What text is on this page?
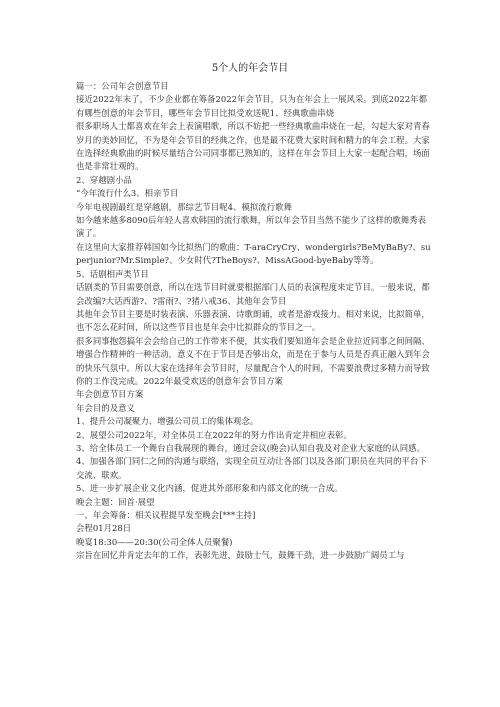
5个人的年会节目

篇一：公司年会创意节目

接近2022年末了，不少企业都在筹备2022年会节目，只为在年会上一展风采。到底2022年都有哪些创意的年会节目，哪些年会节目比拟受欢送呢1、经典歌曲串烧

很多职场人士都喜欢在年会上表演唱歌，所以不妨把一些经典歌曲串烧在一起，勾起大家对青春岁月的美妙回忆，不为是年会节目的经典之作，也是最不花费大家时间和精力的年会工程。大家在选择经典歌曲的时候尽量结合公司同事都已熟知的，这样在年会节目上大家一起配合唱，场面也是非常壮观的。

2、穿越剧小品

“今年流行什么3、相亲节目

今年电视剧最红是穿越剧，那综艺节目呢4、模拟流行歌舞

如今越来越多8090后年轻人喜欢韩国的流行歌舞，所以年会节目当然不能少了这样的歌舞秀表演了。

在这里向大家推荐韩国如今比拟热门的歌曲：T-araCryCry、wondergirls?BeMyBaBy?、superjunior?Mr.Simple?、少女时代?TheBoys?、MissAGood-byeBaby等等。

5、话剧相声类节目

话剧类的节目需要创意，所以在选节目时就要根据部门人员的表演程度来定节目。一般来说，都会改编?大话西游?、?雷雨?、?猪八戒36、其他年会节目

其他年会节目主要是时装表演、乐器表演、诗歌朗诵，或者是游戏接力。相对来说，比拟简单，也不怎么花时间，所以这些节目也是年会中比拟群众的节目之一。

很多同事抱怨搞年会会给自己的工作带来不便，其实我们要知道年会是企业拉近同事之间间隔、增强合作精神的一种活动，意义不在于节目是否够出众，而是在于参与人员是否真正融入到年会的快乐气氛中。所以大家在选择年会节目时，尽量配合个人的时间，不需要浪费过多精力而导致你的工作没完成。2022年最受欢送的创意年会节目方案

年会创意节目方案

年会目的及意义

1、提升公司凝聚力、增强公司员工的集体观念。

2、展望公司2022年，对全体员工在2022年的努力作出肯定并相应表彰。

3、给全体员工一个舞台自我展现的舞台，通过会议(晚会)认知自我及对企业大家庭的认同感。

4、加强各部门同仁之间的沟通与联络，实现全员互动让各部门以及各部门职员在共同的平台下交流、联欢。

5、进一步扩展企业文化内涵，促进其外部形象和内部文化的统一合成。

晚会主题：回首·展望

一、年会筹备：相关议程提早发至晚会[***主持]

会程01月28日

晚宴18:30——20:30(公司全体人员聚餐)

宗旨在回忆并肯定去年的工作，表彰先进，鼓励士气，鼓舞干劲，进一步鼓励广阔员工与
